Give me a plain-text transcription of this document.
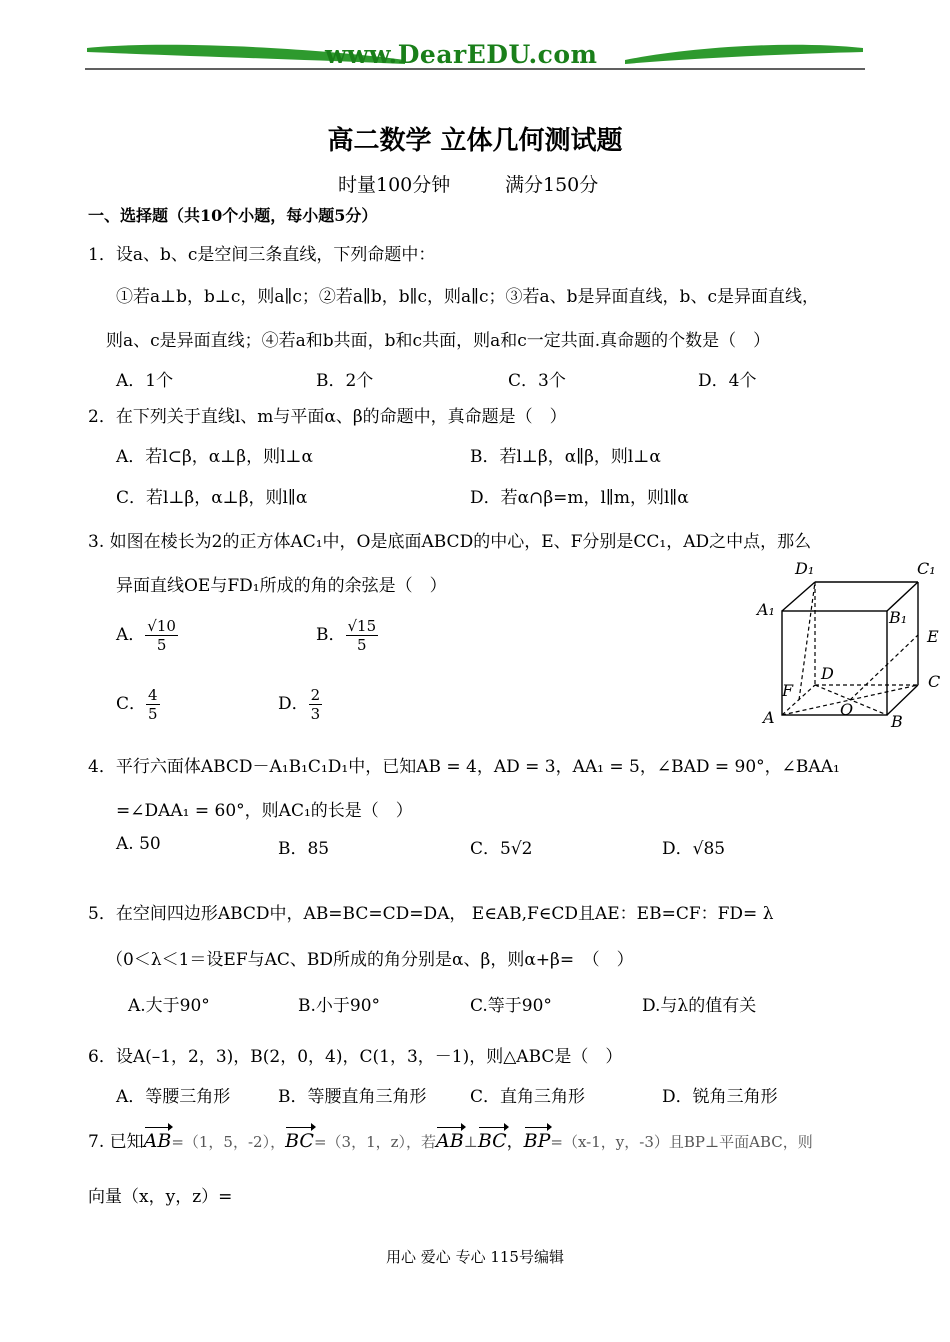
www.DearEDU.com
高二数学 立体几何测试题
时量100分钟	满分150分
一、选择题（共10个小题，每小题5分）
1．设a、b、c是空间三条直线，下列命题中：
①若a⊥b，b⊥c，则a∥c；②若a∥b，b∥c，则a∥c；③若a、b是异面直线，b、c是异面直线，
则a、c是异面直线；④若a和b共面，b和c共面，则a和c一定共面.真命题的个数是（　）
A．1个	B．2个	C．3个	D．4个
2．在下列关于直线l、m与平面α、β的命题中，真命题是（　）
A．若l⊂β，α⊥β，则l⊥α	B．若l⊥β，α∥β，则l⊥α
C．若l⊥β，α⊥β，则l∥α	D．若α∩β=m，l∥m，则l∥α
3. 如图在棱长为2的正方体AC₁中，O是底面ABCD的中心，E、F分别是CC₁，AD之中点，那么
异面直线OE与FD₁所成的角的余弦是（　）
A． $\frac{√10}{5}$	B． $\frac{√15}{5}$
C． $\frac{4}{5}$	D． $\frac{2}{3}$
D₁	C₁
A₁	B₁
E
D	C
F
O
A	B
4．平行六面体ABCD－A₁B₁C₁D₁中，已知AB = 4，AD = 3，AA₁ = 5，∠BAD = 90°，∠BAA₁
=∠DAA₁ = 60°，则AC₁的长是（　）
A. 50	B．85	C．5√2	D．√85
5．在空间四边形ABCD中，AB=BC=CD=DA， E∈AB,F∈CD且AE：EB=CF：FD= λ
（0＜λ＜1＝设EF与AC、BD所成的角分别是α、β，则α+β=　（　）
A.大于90°	B.小于90°	C.等于90°	D.与λ的值有关
6．设A(–1，2，3)，B(2，0，4)，C(1，3，－1)，则△ABC是（　）
A．等腰三角形	B．等腰直角三角形	C．直角三角形	D．锐角三角形
7. 已知AB=（1，5，-2），BC=（3，1，z），若AB⊥BC，BP=（x-1，y，-3）且BP⊥平面ABC，则
向量（x，y，z）=
用心 爱心 专心 115号编辑
